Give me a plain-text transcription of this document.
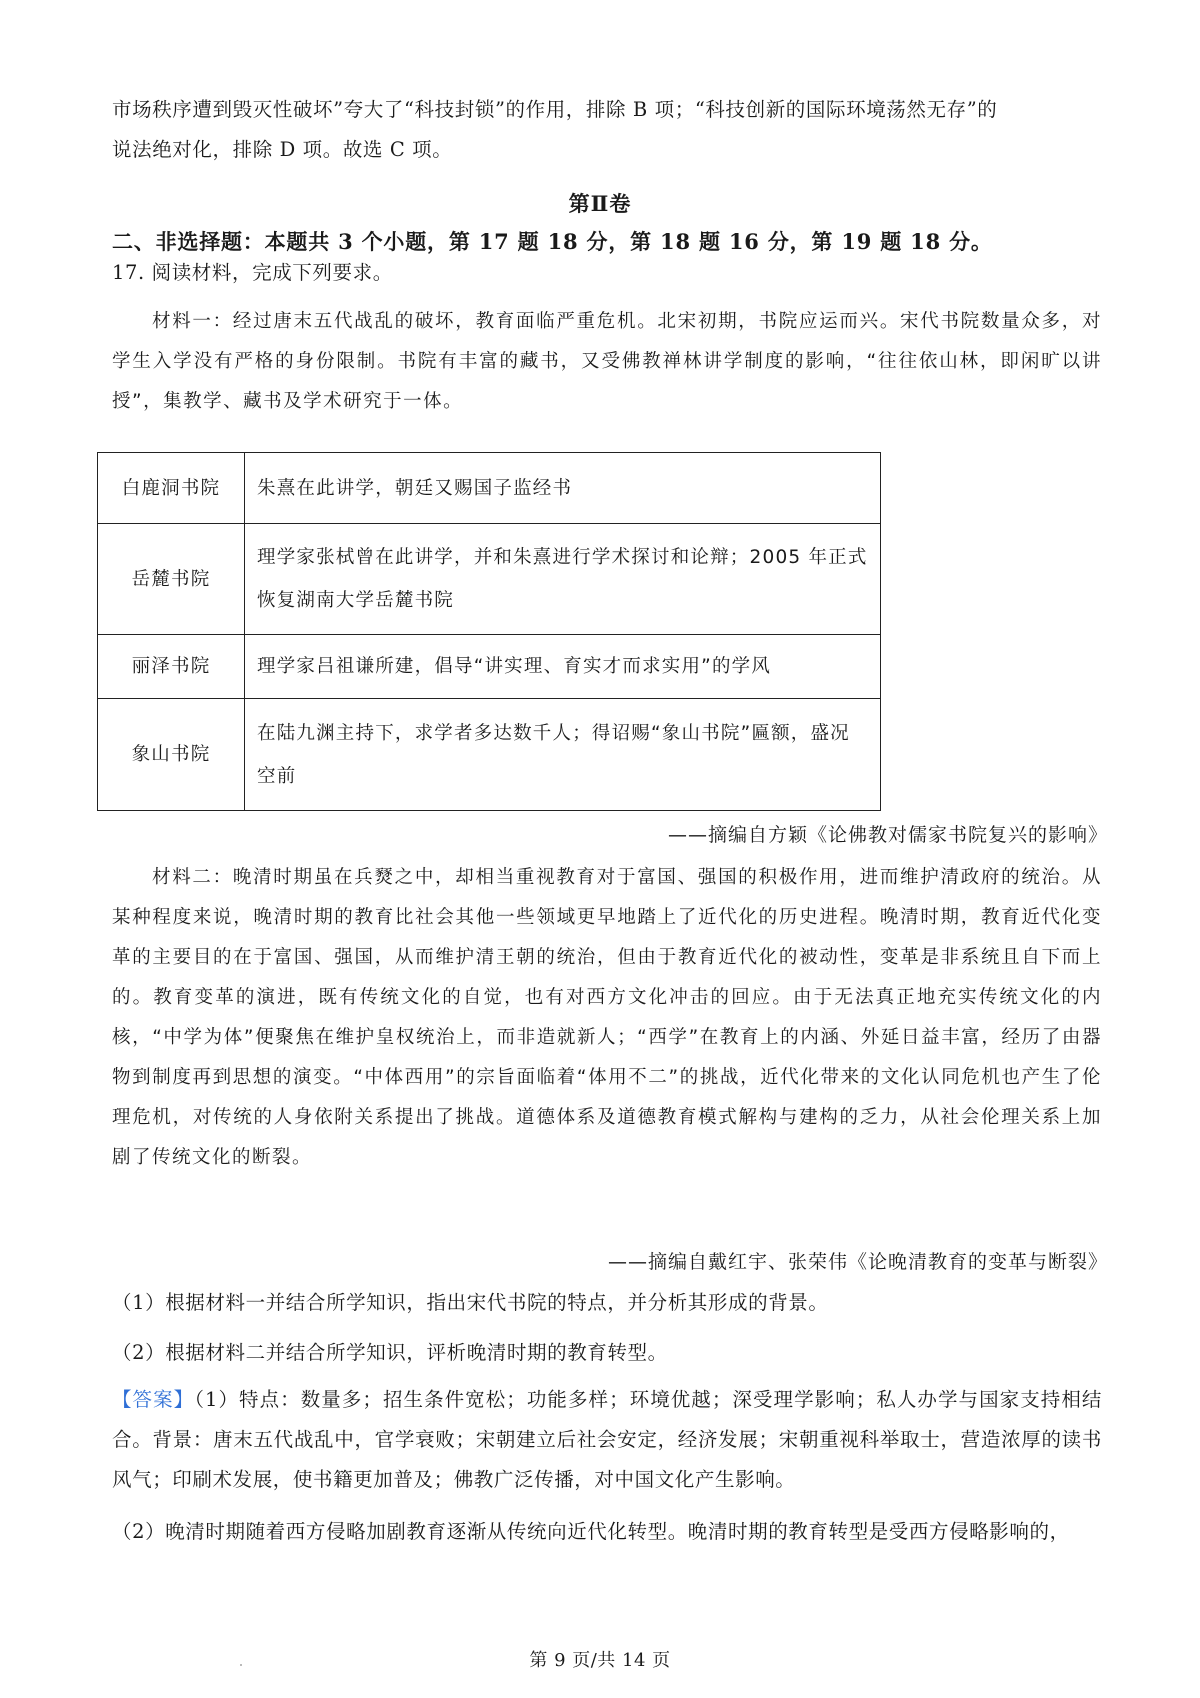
市场秩序遭到毁灭性破坏”夸大了“科技封锁”的作用，排除 B 项；“科技创新的国际环境荡然无存”的
说法绝对化，排除 D 项。故选 C 项。
第Ⅱ卷
二、非选择题：本题共 3 个小题，第 17 题 18 分，第 18 题 16 分，第 19 题 18 分。
17. 阅读材料，完成下列要求。
材料一：经过唐末五代战乱的破坏，教育面临严重危机。北宋初期，书院应运而兴。宋代书院数量众多，对学生入学没有严格的身份限制。书院有丰富的藏书，又受佛教禅林讲学制度的影响，“往往依山林，即闲旷以讲授”，集教学、藏书及学术研究于一体。
白鹿洞书院	朱熹在此讲学，朝廷又赐国子监经书
岳麓书院	理学家张栻曾在此讲学，并和朱熹进行学术探讨和论辩；2005 年正式恢复湖南大学岳麓书院
丽泽书院	理学家吕祖谦所建，倡导“讲实理、育实才而求实用”的学风
象山书院	在陆九渊主持下，求学者多达数千人；得诏赐“象山书院”匾额，盛况空前
——摘编自方颖《论佛教对儒家书院复兴的影响》
材料二：晚清时期虽在兵燹之中，却相当重视教育对于富国、强国的积极作用，进而维护清政府的统治。从某种程度来说，晚清时期的教育比社会其他一些领域更早地踏上了近代化的历史进程。晚清时期，教育近代化变革的主要目的在于富国、强国，从而维护清王朝的统治，但由于教育近代化的被动性，变革是非系统且自下而上的。教育变革的演进，既有传统文化的自觉，也有对西方文化冲击的回应。由于无法真正地充实传统文化的内核，“中学为体”便聚焦在维护皇权统治上，而非造就新人；“西学”在教育上的内涵、外延日益丰富，经历了由器物到制度再到思想的演变。“中体西用”的宗旨面临着“体用不二”的挑战，近代化带来的文化认同危机也产生了伦理危机，对传统的人身依附关系提出了挑战。道德体系及道德教育模式解构与建构的乏力，从社会伦理关系上加剧了传统文化的断裂。
——摘编自戴红宇、张荣伟《论晚清教育的变革与断裂》
（1）根据材料一并结合所学知识，指出宋代书院的特点，并分析其形成的背景。
（2）根据材料二并结合所学知识，评析晚清时期的教育转型。
【答案】（1）特点：数量多；招生条件宽松；功能多样；环境优越；深受理学影响；私人办学与国家支持相结合。背景：唐末五代战乱中，官学衰败；宋朝建立后社会安定，经济发展；宋朝重视科举取士，营造浓厚的读书风气；印刷术发展，使书籍更加普及；佛教广泛传播，对中国文化产生影响。
（2）晚清时期随着西方侵略加剧教育逐渐从传统向近代化转型。晚清时期的教育转型是受西方侵略影响的，
第 9 页/共 14 页
